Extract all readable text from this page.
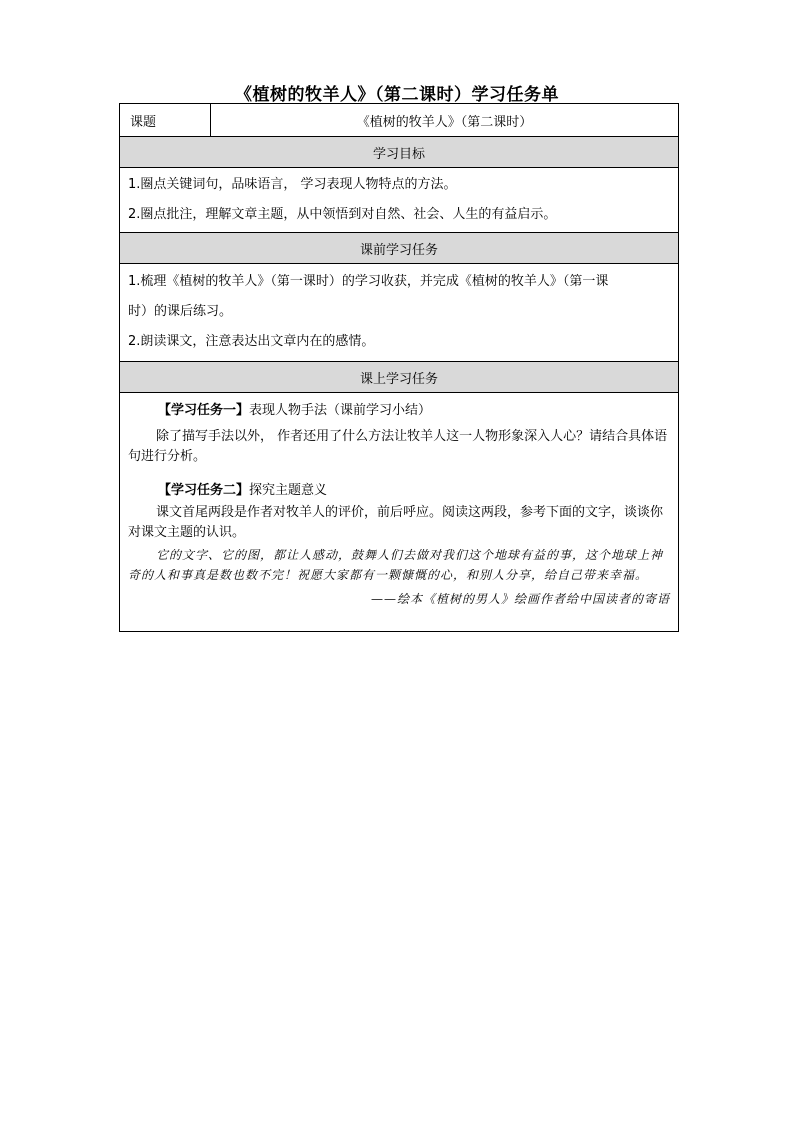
《植树的牧羊人》（第二课时）学习任务单
课题	《植树的牧羊人》（第二课时）
学习目标

1.圈点关键词句，品味语言， 学习表现人物特点的方法。
2.圈点批注，理解文章主题，从中领悟到对自然、社会、人生的有益启示。

课前学习任务

1.梳理《植树的牧羊人》（第一课时）的学习收获，并完成《植树的牧羊人》（第一课
时）的课后练习。
2.朗读课文，注意表达出文章内在的感情。

课上学习任务

【学习任务一】表现人物手法（课前学习小结）

除了描写手法以外， 作者还用了什么方法让牧羊人这一人物形象深入人心？请结合具体语句进行分析。

【学习任务二】探究主题意义

课文首尾两段是作者对牧羊人的评价，前后呼应。阅读这两段，参考下面的文字，谈谈你对课文主题的认识。

它的文字、它的图，都让人感动，鼓舞人们去做对我们这个地球有益的事，这个地球上神奇的人和事真是数也数不完！祝愿大家都有一颗慷慨的心，和别人分享，给自己带来幸福。
——绘本《植树的男人》绘画作者给中国读者的寄语
